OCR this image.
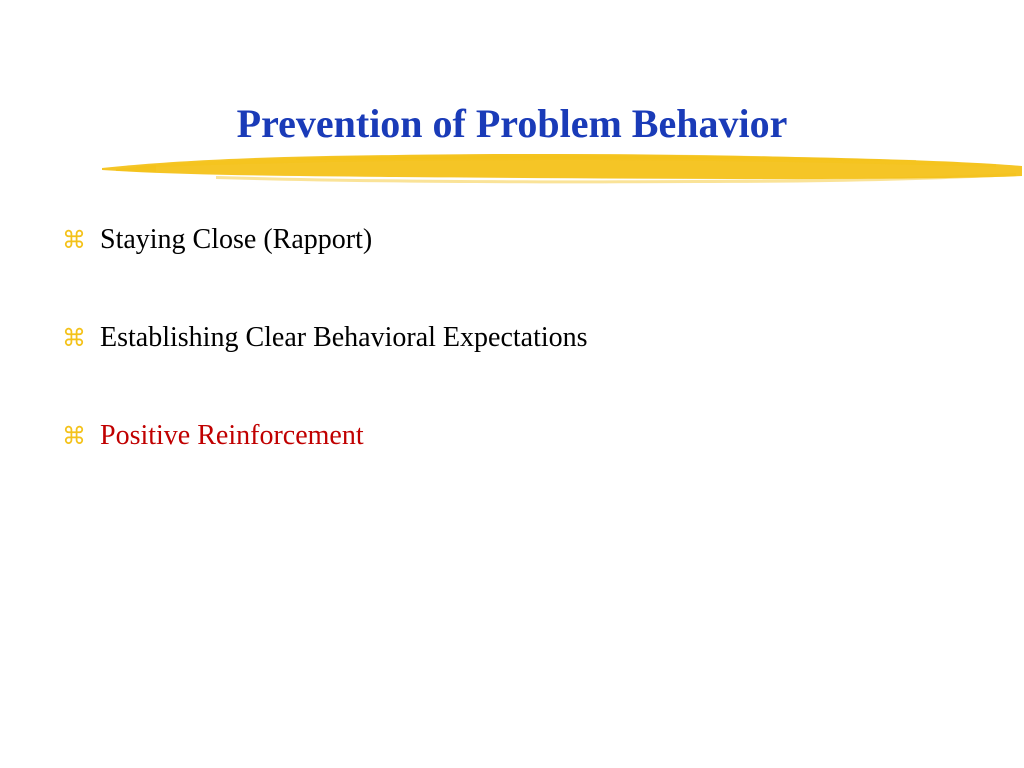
Prevention of Problem Behavior
⌘ Staying Close (Rapport)
⌘ Establishing Clear Behavioral Expectations
⌘ Positive Reinforcement
